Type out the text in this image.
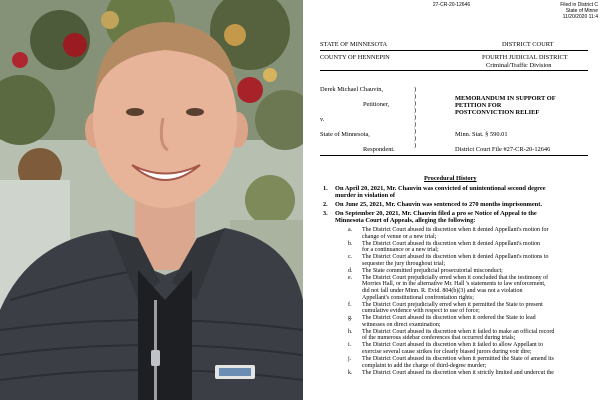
27-CR-20-12646	Filed in District C
State of Minne
11/20/2020 11:4
STATE OF MINNESOTA	DISTRICT COURT
COUNTY OF HENNEPIN	FOURTH JUDICIAL DISTRICT
Criminal/Traffic Division
Derek Michael Chauvin,
Petitioner,
v.
State of Minnesota,
Respondent.
)
)
)
)
)
)
)
)
)
MEMORANDUM IN SUPPORT OF
PETITION FOR
POSTCONVICTION RELIEF
Minn. Stat. § 590.01
District Court File #27-CR-20-12646
Procedural History
1. On April 20, 2021, Mr. Chauvin was convicted of unintentional second degree
murder in violation of
2. On June 25, 2021, Mr. Chauvin was sentenced to 270 months imprisonment.
3. On September 20, 2021, Mr. Chauvin filed a pro se Notice of Appeal to the
Minnesota Court of Appeals, alleging the following:
a. The District Court abused its discretion when it denied Appellant's motion for
change of venue or a new trial;
b. The District Court abused its discretion when it denied Appellant's motion
for a continuance or a new trial;
c. The District Court abused its discretion when it denied Appellant's motions to
sequester the jury throughout trial;
d. The State committed prejudicial prosecutorial misconduct;
e. The District Court prejudicially erred when it concluded that the testimony of
Morries Hall, or in the alternative Mr. Hall 's statements to law enforcement,
did not fall under Minn. R. Evid. 804(b)(3) and was not a violation
Appellant's constitutional confrontation rights;
f. The District Court prejudicially erred when it permitted the State to present
cumulative evidence with respect to use of force;
g. The District Court abused its discretion when it ordered the State to lead
witnesses on direct examination;
h. The District Court abused its discretion when it failed to make an official record
of the numerous sidebar conferences that occurred during trials;
i. The District Court abused its discretion when it failed to allow Appellant to
exercise several cause strikes for clearly biased jurors during voir dire;
j. The District Court abused its discretion when it permitted the State of amend its
complaint to add the charge of third-degree murder;
k. The District Court abused its discretion when it strictly limited and undercut the
